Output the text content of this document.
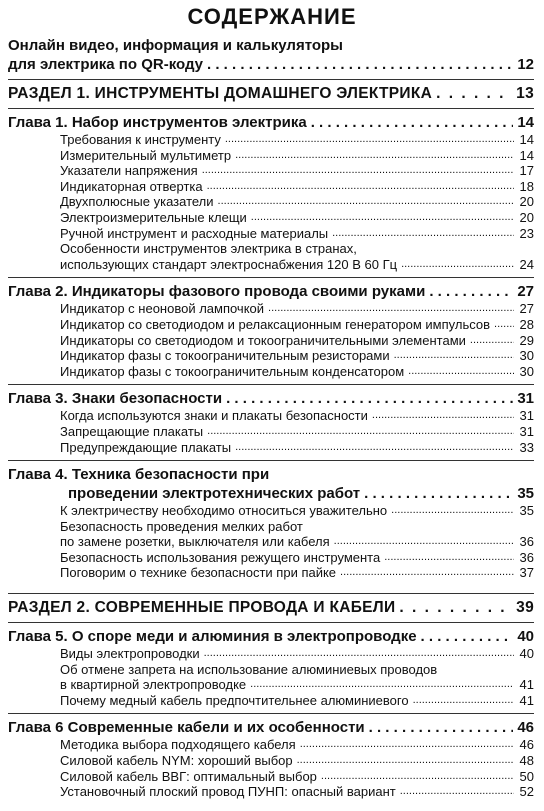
СОДЕРЖАНИЕ
Онлайн видео, информация и калькуляторы
для электрика по QR-коду . . .	12
РАЗДЕЛ 1. ИНСТРУМЕНТЫ ДОМАШНЕГО ЭЛЕКТРИКА . . .	13
Глава 1. Набор инструментов электрика . . .	14
Требования к инструменту .....	14
Измерительный мультиметр .....	14
Указатели напряжения .....	17
Индикаторная отвертка .....	18
Двухполюсные указатели .....	20
Электроизмерительные клещи .....	20
Ручной инструмент и расходные материалы .....	23
Особенности инструментов электрика в странах,
использующих стандарт электроснабжения 120 В 60 Гц .....	24
Глава 2. Индикаторы фазового провода своими руками . . .	27
Индикатор с неоновой лампочкой .....	27
Индикатор со светодиодом и релаксационным генератором импульсов ..... 28
Индикаторы со светодиодом и токоограничительными элементами .....	29
Индикатор фазы с токоограничительным резисторами .....	30
Индикатор фазы с токоограничительным конденсатором .....	30
Глава 3. Знаки безопасности . . .	31
Когда используются знаки и плакаты безопасности .....	31
Запрещающие плакаты .....	31
Предупреждающие плакаты .....	33
Глава 4. Техника безопасности при
проведении электротехнических работ . . .	35
К электричеству необходимо относиться уважительно .....	35
Безопасность проведения мелких работ
по замене розетки, выключателя или кабеля .....	36
Безопасность использования режущего инструмента .....	36
Поговорим о технике безопасности при пайке .....	37
РАЗДЕЛ 2. СОВРЕМЕННЫЕ ПРОВОДА И КАБЕЛИ . . .	39
Глава 5. О споре меди и алюминия в электропроводке . . .	40
Виды электропроводки .....	40
Об отмене запрета на использование алюминиевых проводов
в квартирной электропроводке .....	41
Почему медный кабель предпочтительнее алюминиевого .....	41
Глава 6 Современные кабели и их особенности . . .	46
Методика выбора подходящего кабеля .....	46
Силовой кабель NYM: хороший выбор .....	48
Силовой кабель ВВГ: оптимальный выбор .....	50
Установочный плоский провод ПУНП: опасный вариант .....	52
